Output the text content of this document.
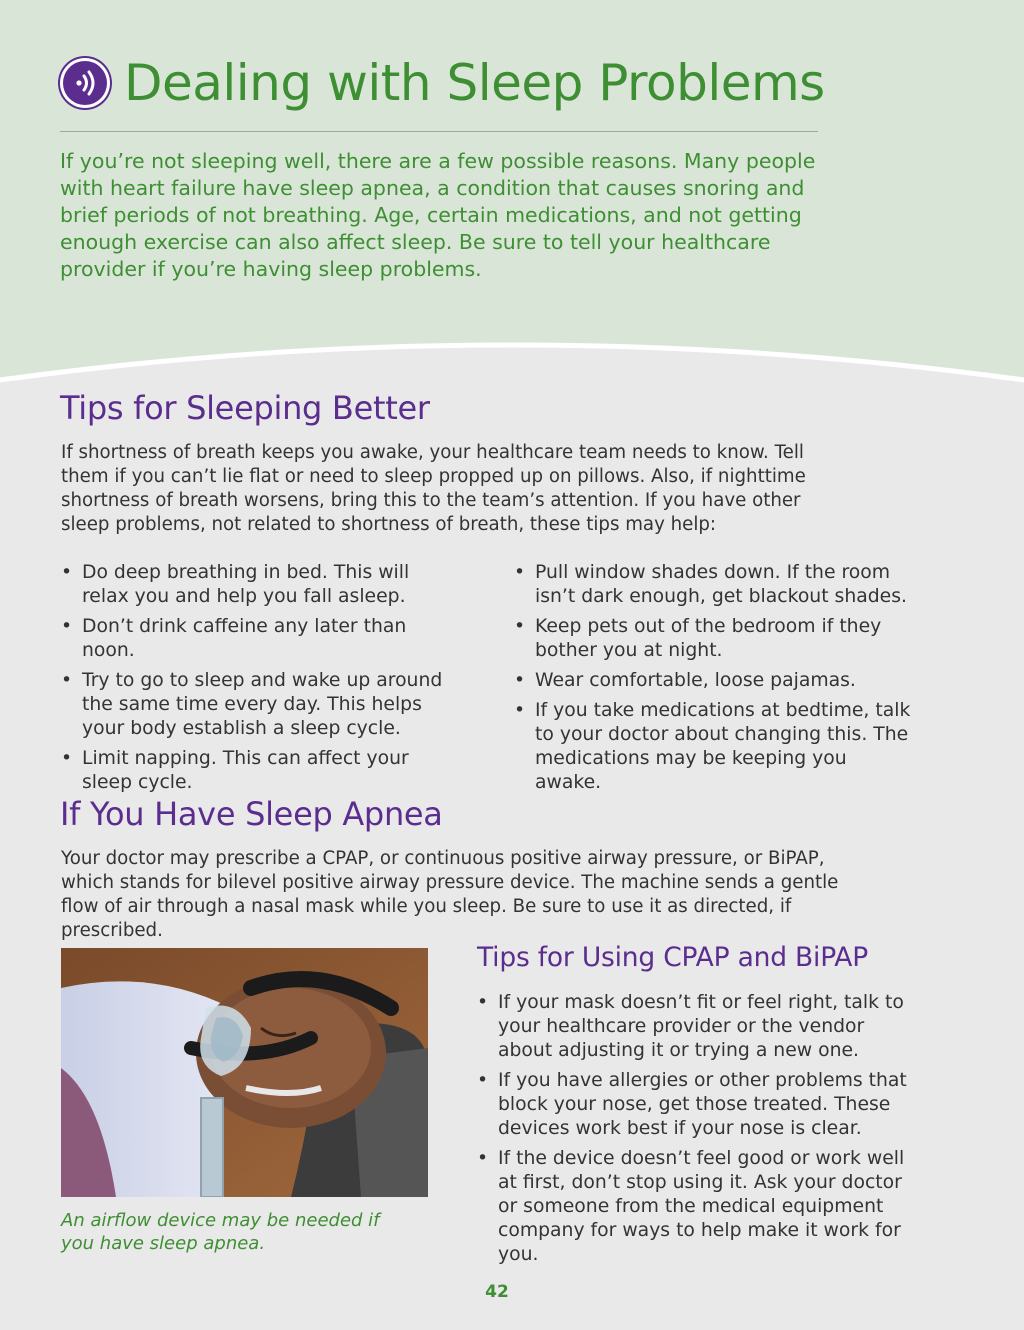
Dealing with Sleep Problems
If you’re not sleeping well, there are a few possible reasons. Many people with heart failure have sleep apnea, a condition that causes snoring and brief periods of not breathing. Age, certain medications, and not getting enough exercise can also affect sleep. Be sure to tell your healthcare provider if you’re having sleep problems.
Tips for Sleeping Better
If shortness of breath keeps you awake, your healthcare team needs to know. Tell them if you can’t lie flat or need to sleep propped up on pillows. Also, if nighttime shortness of breath worsens, bring this to the team’s attention. If you have other sleep problems, not related to shortness of breath, these tips may help:
• Do deep breathing in bed. This will relax you and help you fall asleep.
• Don’t drink caffeine any later than noon.
• Try to go to sleep and wake up around the same time every day. This helps your body establish a sleep cycle.
• Limit napping. This can affect your sleep cycle.
• Pull window shades down. If the room isn’t dark enough, get blackout shades.
• Keep pets out of the bedroom if they bother you at night.
• Wear comfortable, loose pajamas.
• If you take medications at bedtime, talk to your doctor about changing this. The medications may be keeping you awake.
If You Have Sleep Apnea
Your doctor may prescribe a CPAP, or continuous positive airway pressure, or BiPAP, which stands for bilevel positive airway pressure device. The machine sends a gentle flow of air through a nasal mask while you sleep. Be sure to use it as directed, if prescribed.
An airflow device may be needed if you have sleep apnea.
Tips for Using CPAP and BiPAP
• If your mask doesn’t fit or feel right, talk to your healthcare provider or the vendor about adjusting it or trying a new one.
• If you have allergies or other problems that block your nose, get those treated. These devices work best if your nose is clear.
• If the device doesn’t feel good or work well at first, don’t stop using it. Ask your doctor or someone from the medical equipment company for ways to help make it work for you.
42
